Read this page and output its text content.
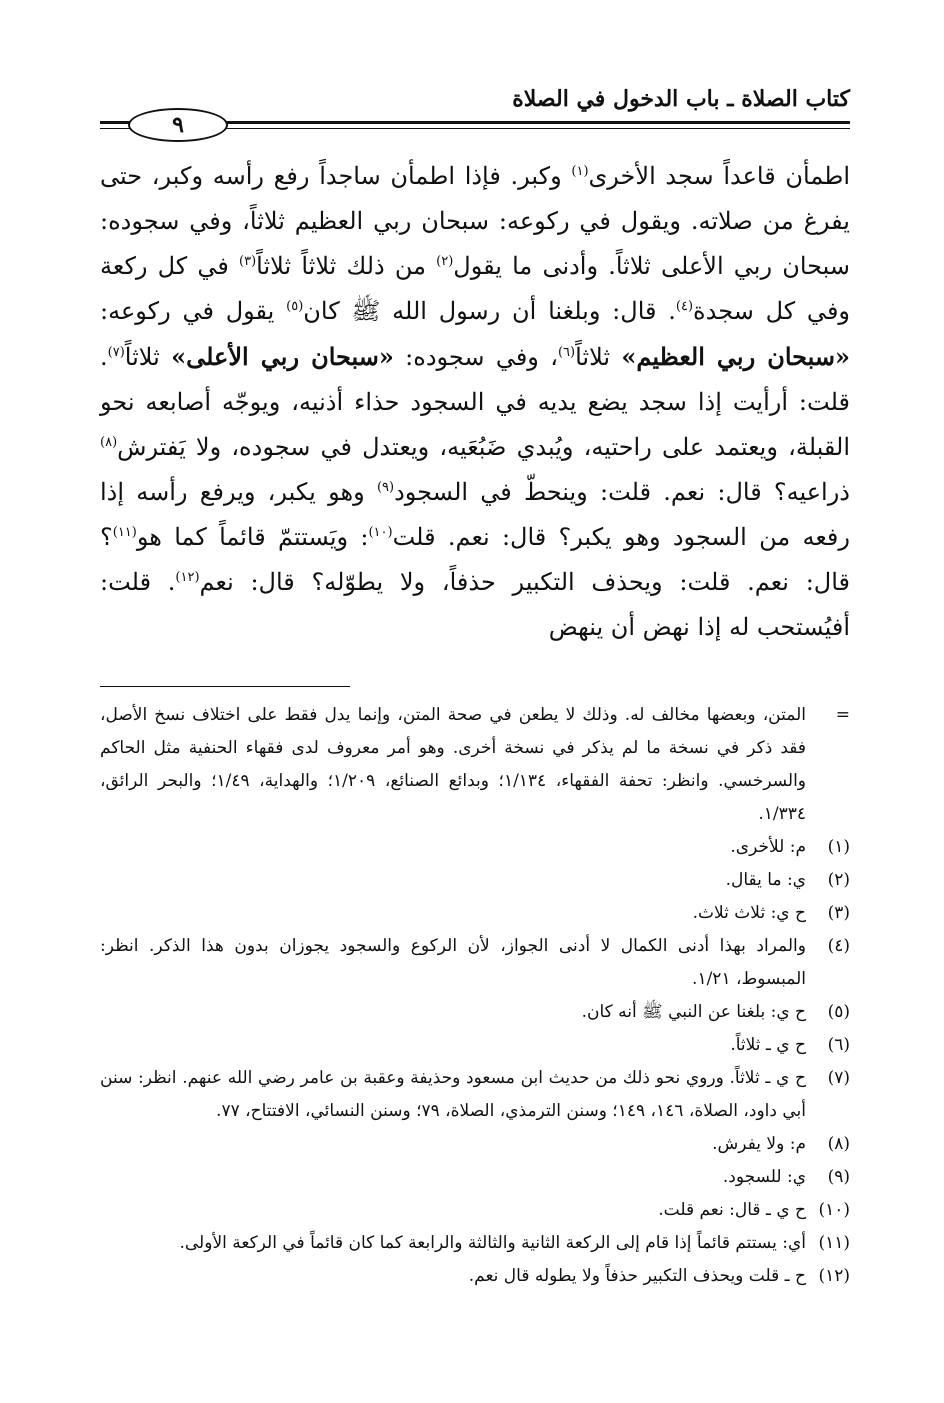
كتاب الصلاة ـ باب الدخول في الصلاة
٩
اطمأن قاعداً سجد الأخرى$^{(١)}$ وكبر. فإذا اطمأن ساجداً رفع رأسه وكبر، حتى يفرغ من صلاته. ويقول في ركوعه: سبحان ربي العظيم ثلاثاً، وفي سجوده: سبحان ربي الأعلى ثلاثاً. وأدنى ما يقول$^{(٢)}$ من ذلك ثلاثاً ثلاثاً$^{(٣)}$ في كل ركعة وفي كل سجدة$^{(٤)}$. قال: وبلغنا أن رسول الله ﷺ كان$^{(٥)}$ يقول في ركوعه: «سبحان ربي العظيم» ثلاثاً$^{(٦)}$، وفي سجوده: «سبحان ربي الأعلى» ثلاثاً$^{(٧)}$. قلت: أرأيت إذا سجد يضع يديه في السجود حذاء أذنيه، ويوجّه أصابعه نحو القبلة، ويعتمد على راحتيه، ويُبدي ضَبُعَيه، ويعتدل في سجوده، ولا يَفترش$^{(٨)}$ ذراعيه؟ قال: نعم. قلت: وينحطّ في السجود$^{(٩)}$ وهو يكبر، ويرفع رأسه إذا رفعه من السجود وهو يكبر؟ قال: نعم. قلت$^{(١٠)}$: ويَستتمّ قائماً كما هو$^{(١١)}$؟ قال: نعم. قلت: ويحذف التكبير حذفاً، ولا يطوّله؟ قال: نعم$^{(١٢)}$. قلت: أفيُستحب له إذا نهض أن ينهض
=
المتن، وبعضها مخالف له. وذلك لا يطعن في صحة المتن، وإنما يدل فقط على اختلاف نسخ الأصل، فقد ذكر في نسخة ما لم يذكر في نسخة أخرى. وهو أمر معروف لدى فقهاء الحنفية مثل الحاكم والسرخسي. وانظر: تحفة الفقهاء، ١/١٣٤؛ وبدائع الصنائع، ١/٢٠٩؛ والهداية، ١/٤٩؛ والبحر الرائق، ١/٣٣٤.
(١)
م: للأخرى.
(٢)
ي: ما يقال.
(٣)
ح ي: ثلاث ثلاث.
(٤)
والمراد بهذا أدنى الكمال لا أدنى الجواز، لأن الركوع والسجود يجوزان بدون هذا الذكر. انظر: المبسوط، ١/٢١.
(٥)
ح ي: بلغنا عن النبي ﷺ أنه كان.
(٦)
ح ي ـ ثلاثاً.
(٧)
ح ي ـ ثلاثاً. وروي نحو ذلك من حديث ابن مسعود وحذيفة وعقبة بن عامر رضي الله عنهم. انظر: سنن أبي داود، الصلاة، ١٤٦، ١٤٩؛ وسنن الترمذي، الصلاة، ٧٩؛ وسنن النسائي، الافتتاح، ٧٧.
(٨)
م: ولا يفرش.
(٩)
ي: للسجود.
(١٠)
ح ي ـ قال: نعم قلت.
(١١)
أي: يستتم قائماً إذا قام إلى الركعة الثانية والثالثة والرابعة كما كان قائماً في الركعة الأولى.
(١٢)
ح ـ قلت ويحذف التكبير حذفاً ولا يطوله قال نعم.
